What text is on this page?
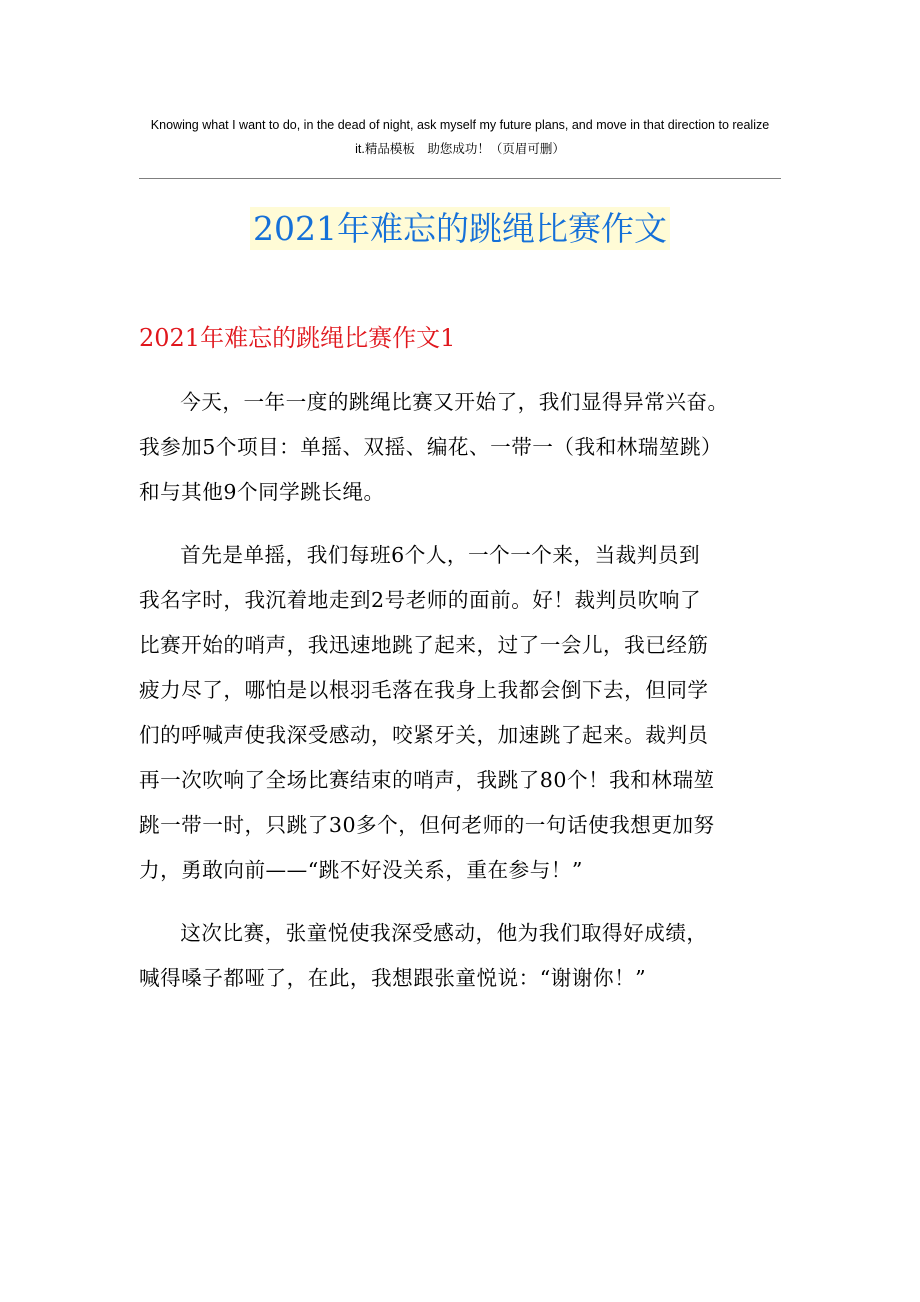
Knowing what I want to do, in the dead of night, ask myself my future plans, and move in that direction to realize
it.精品模板　助您成功！（页眉可删）
2021年难忘的跳绳比赛作文
2021年难忘的跳绳比赛作文1

今天，一年一度的跳绳比赛又开始了，我们显得异常兴奋。
我参加5个项目：单摇、双摇、编花、一带一（我和林瑞堃跳）
和与其他9个同学跳长绳。

首先是单摇，我们每班6个人，一个一个来，当裁判员到
我名字时，我沉着地走到2号老师的面前。好！裁判员吹响了
比赛开始的哨声，我迅速地跳了起来，过了一会儿，我已经筋
疲力尽了，哪怕是以根羽毛落在我身上我都会倒下去，但同学
们的呼喊声使我深受感动，咬紧牙关，加速跳了起来。裁判员
再一次吹响了全场比赛结束的哨声，我跳了80个！我和林瑞堃
跳一带一时，只跳了30多个，但何老师的一句话使我想更加努
力，勇敢向前——“跳不好没关系，重在参与！”

这次比赛，张童悦使我深受感动，他为我们取得好成绩，
喊得嗓子都哑了，在此，我想跟张童悦说：“谢谢你！”
